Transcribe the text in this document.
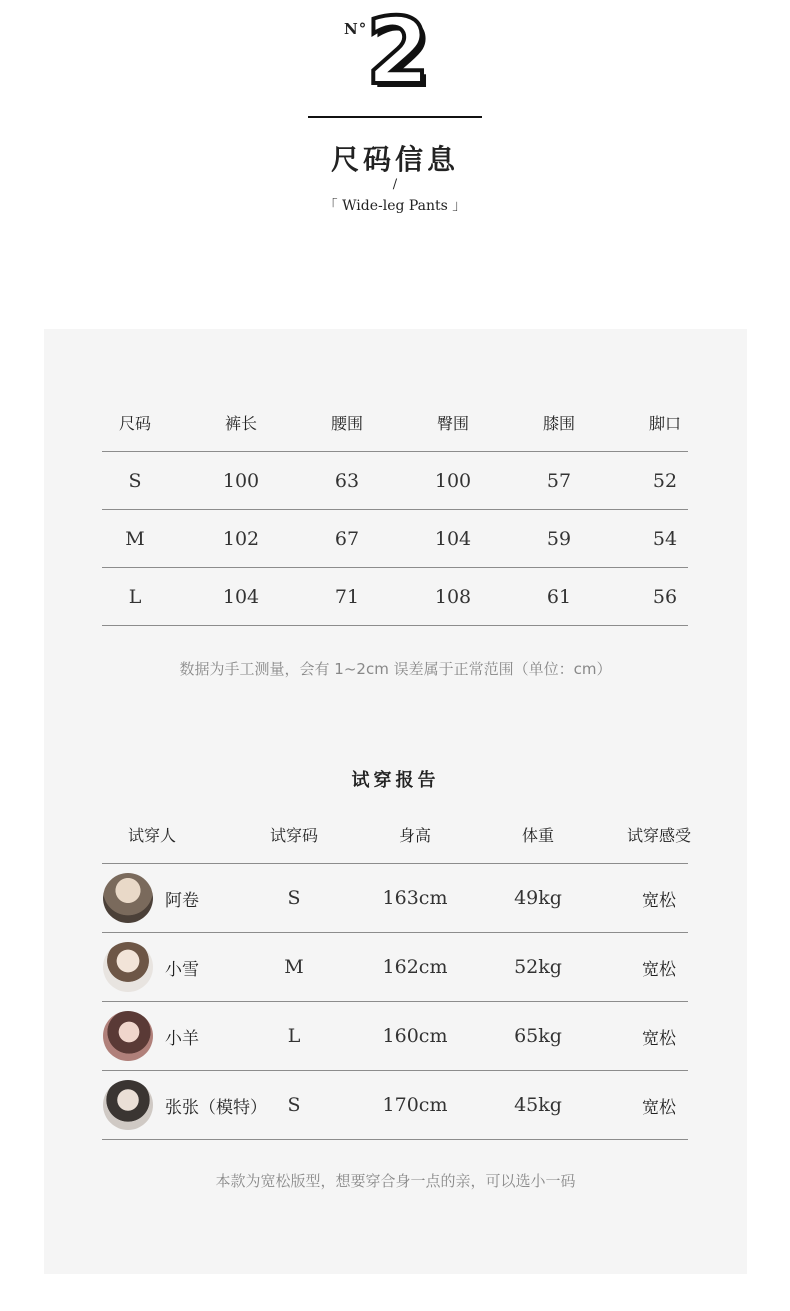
N°
2
尺码信息
/
「 Wide-leg Pants 」
尺码	裤长	腰围	臀围	膝围	脚口
S	100	63	100	57	52
M	102	67	104	59	54
L	104	71	108	61	56
数据为手工测量，会有 1~2cm 误差属于正常范围（单位：cm）
试穿报告
试穿人	试穿码	身高	体重	试穿感受
阿卷	S	163cm	49kg	宽松
小雪	M	162cm	52kg	宽松
小羊	L	160cm	65kg	宽松
张张（模特）	S	170cm	45kg	宽松
本款为宽松版型，想要穿合身一点的亲，可以选小一码
